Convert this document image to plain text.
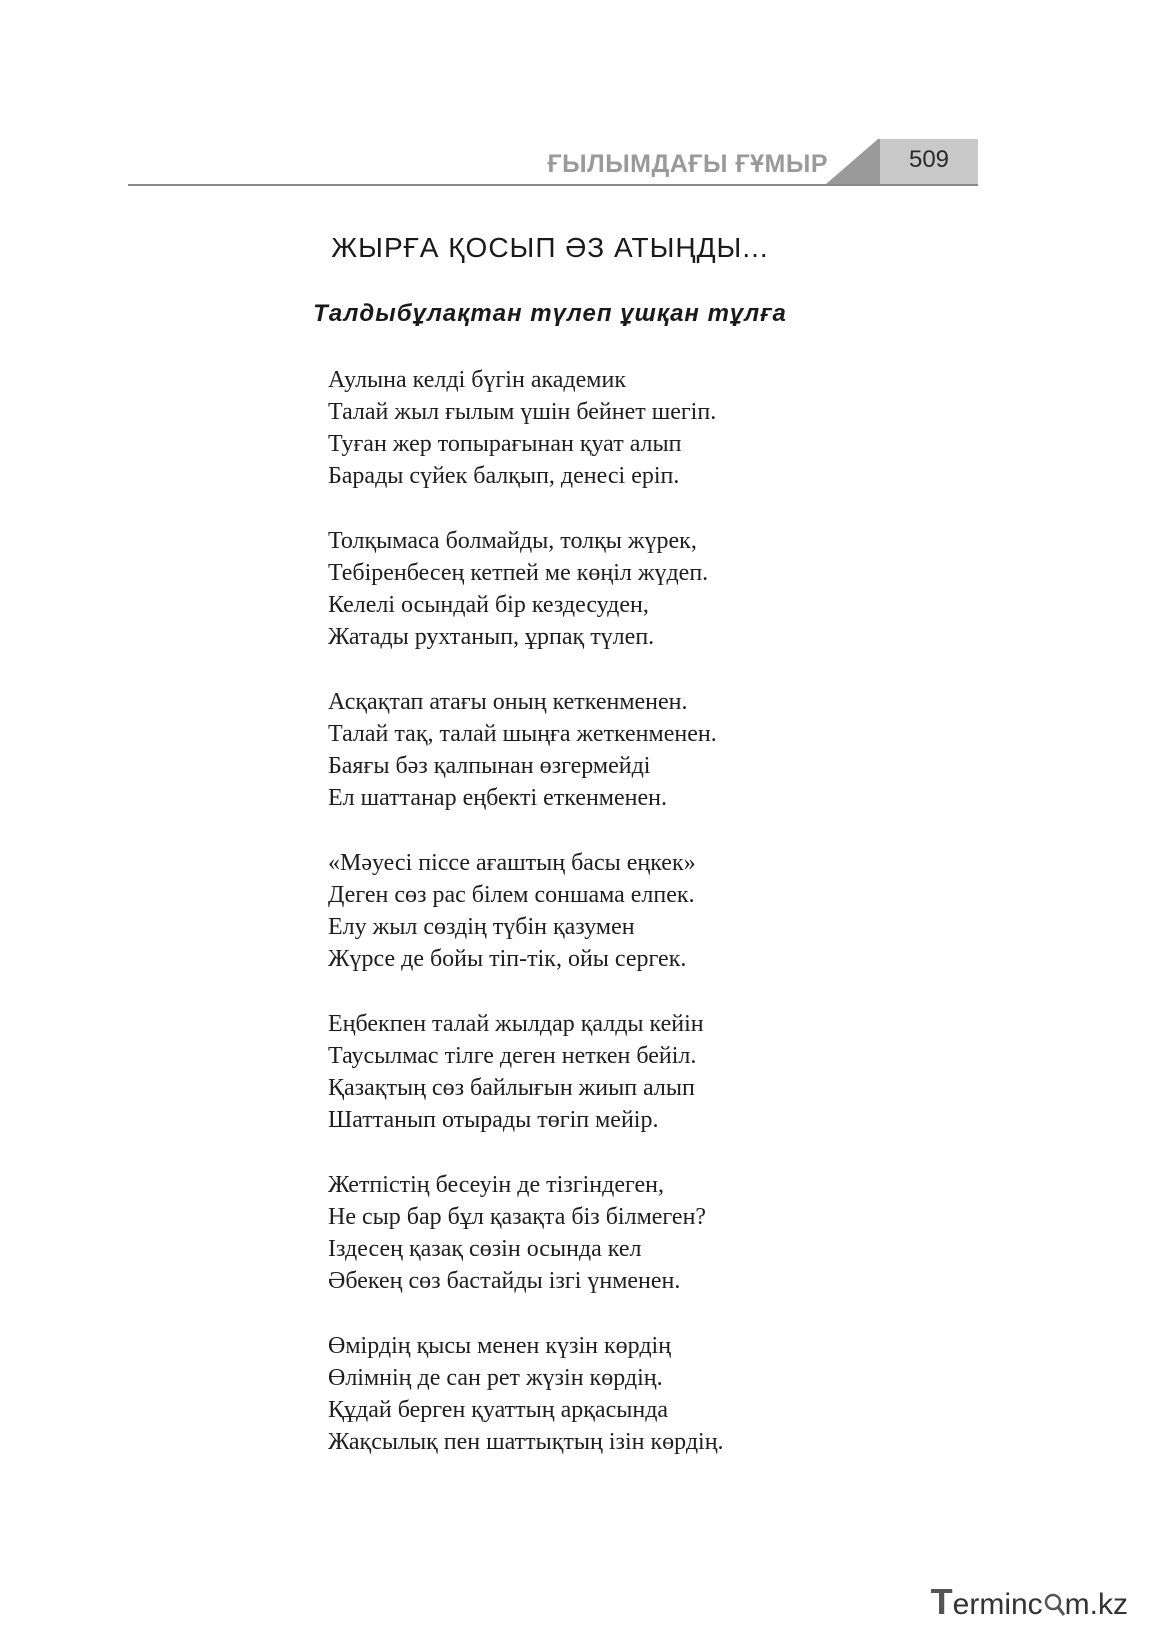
ҒЫЛЫМДАҒЫ ҒҰМЫР	509
ЖЫРҒА ҚОСЫП ӘЗ АТЫҢДЫ...
Талдыбұлақтан түлеп ұшқан тұлға
Аулына келді бүгін академик
Талай жыл ғылым үшін бейнет шегіп.
Туған жер топырағынан қуат алып
Барады сүйек балқып, денесі еріп.
Толқымаса болмайды, толқы жүрек,
Тебіренбесең кетпей ме көңіл жүдеп.
Келелі осындай бір кездесуден,
Жатады рухтанып, ұрпақ түлеп.
Асқақтап атағы оның кеткенменен.
Талай тақ, талай шыңға жеткенменен.
Баяғы бәз қалпынан өзгермейді
Ел шаттанар еңбекті еткенменен.
«Мәуесі піссе ағаштың басы еңкек»
Деген сөз рас білем соншама елпек.
Елу жыл сөздің түбін қазумен
Жүрсе де бойы тіп-тік, ойы сергек.
Еңбекпен талай жылдар қалды кейін
Таусылмас тілге деген неткен бейіл.
Қазақтың сөз байлығын жиып алып
Шаттанып отырады төгіп мейір.
Жетпістің бесеуін де тізгіндеген,
Не сыр бар бұл қазақта біз білмеген?
Іздесең қазақ сөзін осында кел
Әбекең сөз бастайды ізгі үнменен.
Өмірдің қысы менен күзін көрдің
Өлімнің де сан рет жүзін көрдің.
Құдай берген қуаттың арқасында
Жақсылық пен шаттықтың ізін көрдің.
Terminc m.kz
